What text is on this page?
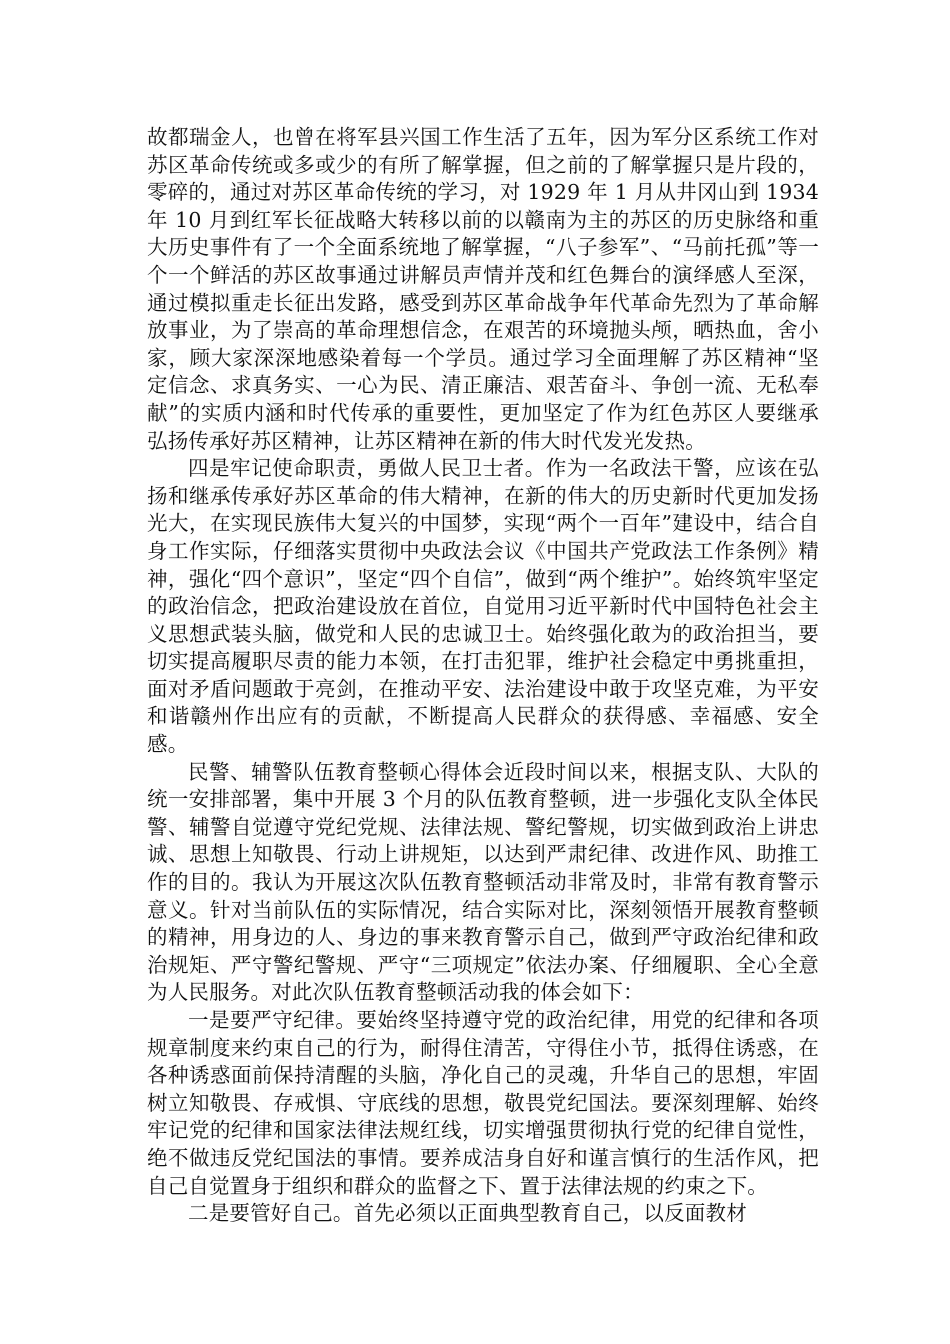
故都瑞金人，也曾在将军县兴国工作生活了五年，因为军分区系统工作对苏区革命传统或多或少的有所了解掌握，但之前的了解掌握只是片段的，零碎的，通过对苏区革命传统的学习，对 1929 年 1 月从井冈山到 1934 年 10 月到红军长征战略大转移以前的以赣南为主的苏区的历史脉络和重大历史事件有了一个全面系统地了解掌握，“八子参军”、“马前托孤”等一个一个鲜活的苏区故事通过讲解员声情并茂和红色舞台的演绎感人至深，通过模拟重走长征出发路，感受到苏区革命战争年代革命先烈为了革命解放事业，为了崇高的革命理想信念，在艰苦的环境抛头颅，晒热血，舍小家，顾大家深深地感染着每一个学员。通过学习全面理解了苏区精神“坚定信念、求真务实、一心为民、清正廉洁、艰苦奋斗、争创一流、无私奉献”的实质内涵和时代传承的重要性，更加坚定了作为红色苏区人要继承弘扬传承好苏区精神，让苏区精神在新的伟大时代发光发热。

四是牢记使命职责，勇做人民卫士者。作为一名政法干警，应该在弘扬和继承传承好苏区革命的伟大精神，在新的伟大的历史新时代更加发扬光大，在实现民族伟大复兴的中国梦，实现“两个一百年”建设中，结合自身工作实际，仔细落实贯彻中央政法会议《中国共产党政法工作条例》精神，强化“四个意识”，坚定“四个自信”，做到“两个维护”。始终筑牢坚定的政治信念，把政治建设放在首位，自觉用习近平新时代中国特色社会主义思想武装头脑，做党和人民的忠诚卫士。始终强化敢为的政治担当，要切实提高履职尽责的能力本领，在打击犯罪，维护社会稳定中勇挑重担，面对矛盾问题敢于亮剑，在推动平安、法治建设中敢于攻坚克难，为平安和谐赣州作出应有的贡献，不断提高人民群众的获得感、幸福感、安全感。

民警、辅警队伍教育整顿心得体会近段时间以来，根据支队、大队的统一安排部署，集中开展 3 个月的队伍教育整顿，进一步强化支队全体民警、辅警自觉遵守党纪党规、法律法规、警纪警规，切实做到政治上讲忠诚、思想上知敬畏、行动上讲规矩，以达到严肃纪律、改进作风、助推工作的目的。我认为开展这次队伍教育整顿活动非常及时，非常有教育警示意义。针对当前队伍的实际情况，结合实际对比，深刻领悟开展教育整顿的精神，用身边的人、身边的事来教育警示自己，做到严守政治纪律和政治规矩、严守警纪警规、严守“三项规定”依法办案、仔细履职、全心全意为人民服务。对此次队伍教育整顿活动我的体会如下：

一是要严守纪律。要始终坚持遵守党的政治纪律，用党的纪律和各项规章制度来约束自己的行为，耐得住清苦，守得住小节，抵得住诱惑，在各种诱惑面前保持清醒的头脑，净化自己的灵魂，升华自己的思想，牢固树立知敬畏、存戒惧、守底线的思想，敬畏党纪国法。要深刻理解、始终牢记党的纪律和国家法律法规红线，切实增强贯彻执行党的纪律自觉性，绝不做违反党纪国法的事情。要养成洁身自好和谨言慎行的生活作风，把自己自觉置身于组织和群众的监督之下、置于法律法规的约束之下。

二是要管好自己。首先必须以正面典型教育自己，以反面教材
